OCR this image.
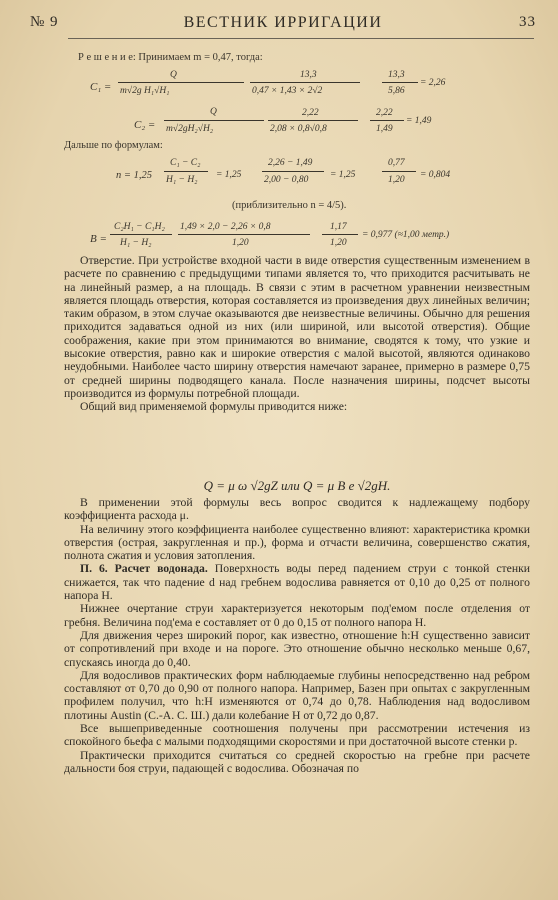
№ 9	ВЕСТНИК ИРРИГАЦИИ	33
Р е ш е н и е: Принимаем m = 0,47, тогда:
C₁ =
Q
m√2g H₁√H₁
13,3
0,47 × 1,43 × 2√2
13,3
5,86
= 2,26
C₂ =
Q
m√2gH₂√H₂
2,22
2,08 × 0,8√0,8
2,22
1,49
= 1,49
Дальше по формулам:
n = 1,25
C₁ − C₂
H₁ − H₂ = 1,25
2,26 − 1,49
2,00 − 0,80 = 1,25
0,77
1,20 = 0,804
(приблизительно n = 4/5).
B =
C₂H₁ − C₁H₂
H₁ − H₂
1,49 × 2,0 − 2,26 × 0,8
1,20
1,17
1,20
= 0,977 (≈1,00 метр.)

Отверстие. При устройстве входной части в виде отверстия существенным изменением в расчете по сравнению с предыдущими типами является то, что приходится расчитывать не на линейный размер, а на площадь. В связи с этим в расчетном уравнении неизвестным является площадь отверстия, которая составляется из произведения двух линейных величин; таким образом, в этом случае оказываются две неизвестные величины. Обычно для решения приходится задаваться одной из них (или шириной, или высотой отверстия). Общие соображения, какие при этом принимаются во внимание, сводятся к тому, что узкие и высокие отверстия, равно как и широкие отверстия с малой высотой, являются одинаково неудобными. Наиболее часто ширину отверстия намечают заранее, примерно в размере 0,75 от средней ширины подводящего канала. После назначения ширины, подсчет высоты производится из формулы потребной площади.

Общий вид применяемой формулы приводится ниже:

Q = μ ω √2gZ или Q = μ B e √2gH.

В применении этой формулы весь вопрос сводится к надлежащему подбору коэффициента расхода μ.

На величину этого коэффициента наиболее существенно влияют: характеристика кромки отверстия (острая, закругленная и пр.), форма и отчасти величина, совершенство сжатия, полнота сжатия и условия затопления.

П. 6. Расчет водонада. Поверхность воды перед падением струи с тонкой стенки снижается, так что падение d над гребнем водослива равняется от 0,10 до 0,25 от полного напора H.

Нижнее очертание струи характеризуется некоторым под'емом после отделения от гребня. Величина под'ема e составляет от 0 до 0,15 от полного напора H.

Для движения через широкий порог, как известно, отношение h:H существенно зависит от сопротивлений при входе и на пороге. Это отношение обычно несколько меньше 0,67, спускаясь иногда до 0,40.

Для водосливов практических форм наблюдаемые глубины непосредственно над ребром составляют от 0,70 до 0,90 от полного напора. Например, Базен при опытах с закругленным профилем получил, что h:H изменяются от 0,74 до 0,78. Наблюдения над водосливом плотины Austin (С.-А. С. Ш.) дали колебание H от 0,72 до 0,87.

Все вышеприведенные соотношения получены при рассмотрении истечения из спокойного бьефа с малыми подходящими скоростями и при достаточной высоте стенки p.

Практически приходится считаться со средней скоростью на гребне при расчете дальности боя струи, падающей с водослива. Обозначая по
